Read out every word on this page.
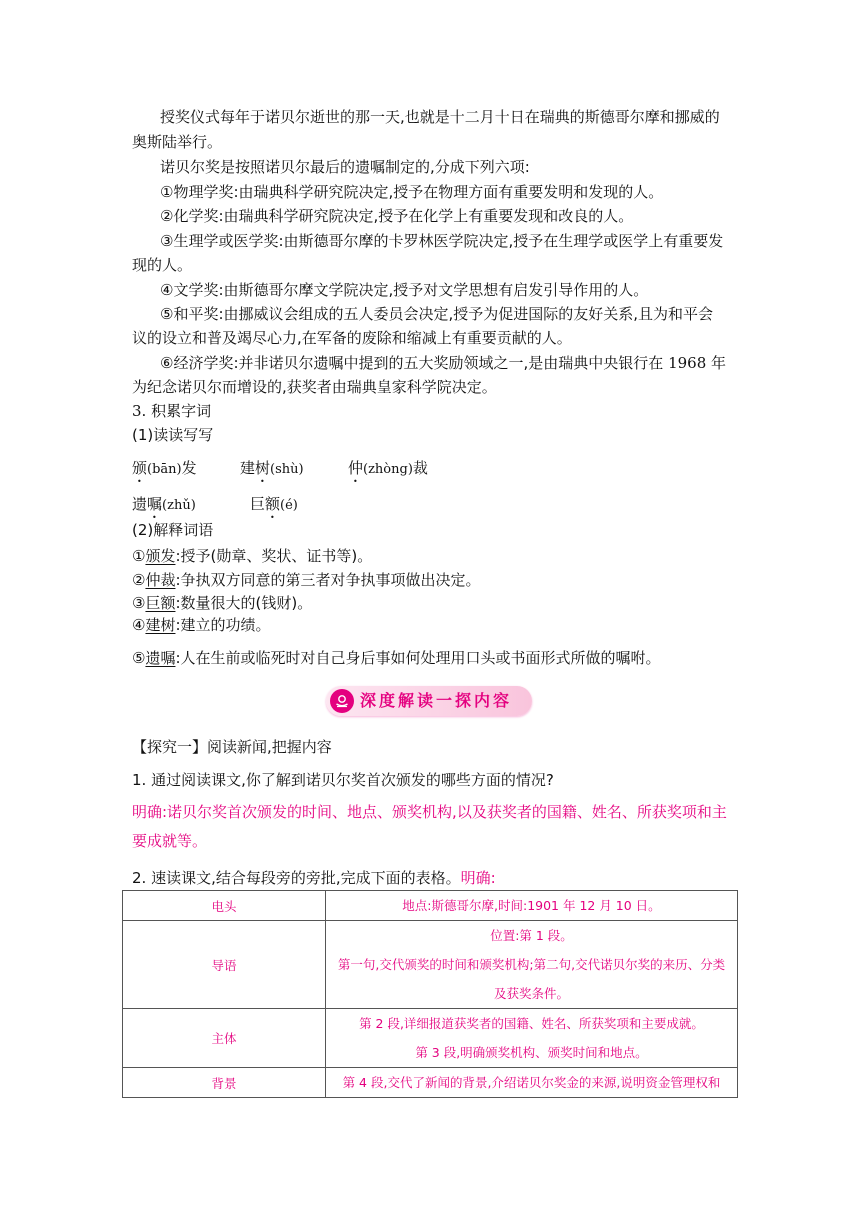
授奖仪式每年于诺贝尔逝世的那一天,也就是十二月十日在瑞典的斯德哥尔摩和挪威的
奥斯陆举行。
诺贝尔奖是按照诺贝尔最后的遗嘱制定的,分成下列六项:
①物理学奖:由瑞典科学研究院决定,授予在物理方面有重要发明和发现的人。
②化学奖:由瑞典科学研究院决定,授予在化学上有重要发现和改良的人。
③生理学或医学奖:由斯德哥尔摩的卡罗林医学院决定,授予在生理学或医学上有重要发
现的人。
④文学奖:由斯德哥尔摩文学院决定,授予对文学思想有启发引导作用的人。
⑤和平奖:由挪威议会组成的五人委员会决定,授予为促进国际的友好关系,且为和平会
议的设立和普及竭尽心力,在军备的废除和缩减上有重要贡献的人。
⑥经济学奖:并非诺贝尔遗嘱中提到的五大奖励领域之一,是由瑞典中央银行在 1968 年
为纪念诺贝尔而增设的,获奖者由瑞典皇家科学院决定。
3. 积累字词
(1)读读写写
颁(bān)发	建树(shù)	仲(zhòng)裁
遗嘱(zhǔ)	巨额(é)
(2)解释词语
①颁发:授予(勋章、奖状、证书等)。
②仲裁:争执双方同意的第三者对争执事项做出决定。
③巨额:数量很大的(钱财)。
④建树:建立的功绩。
⑤遗嘱:人在生前或临死时对自己身后事如何处理用口头或书面形式所做的嘱咐。
深度解读一探内容
【探究一】阅读新闻,把握内容
1. 通过阅读课文,你了解到诺贝尔奖首次颁发的哪些方面的情况?
明确:诺贝尔奖首次颁发的时间、地点、颁奖机构,以及获奖者的国籍、姓名、所获奖项和主
要成就等。
2. 速读课文,结合每段旁的旁批,完成下面的表格。明确:
电头	地点:斯德哥尔摩,时间:1901 年 12 月 10 日。

导语	位置:第 1 段。
第一句,交代颁奖的时间和颁奖机构;第二句,交代诺贝尔奖的来历、分类
及获奖条件。

主体	第 2 段,详细报道获奖者的国籍、姓名、所获奖项和主要成就。
第 3 段,明确颁奖机构、颁奖时间和地点。

背景	第 4 段,交代了新闻的背景,介绍诺贝尔奖金的来源,说明资金管理权和
